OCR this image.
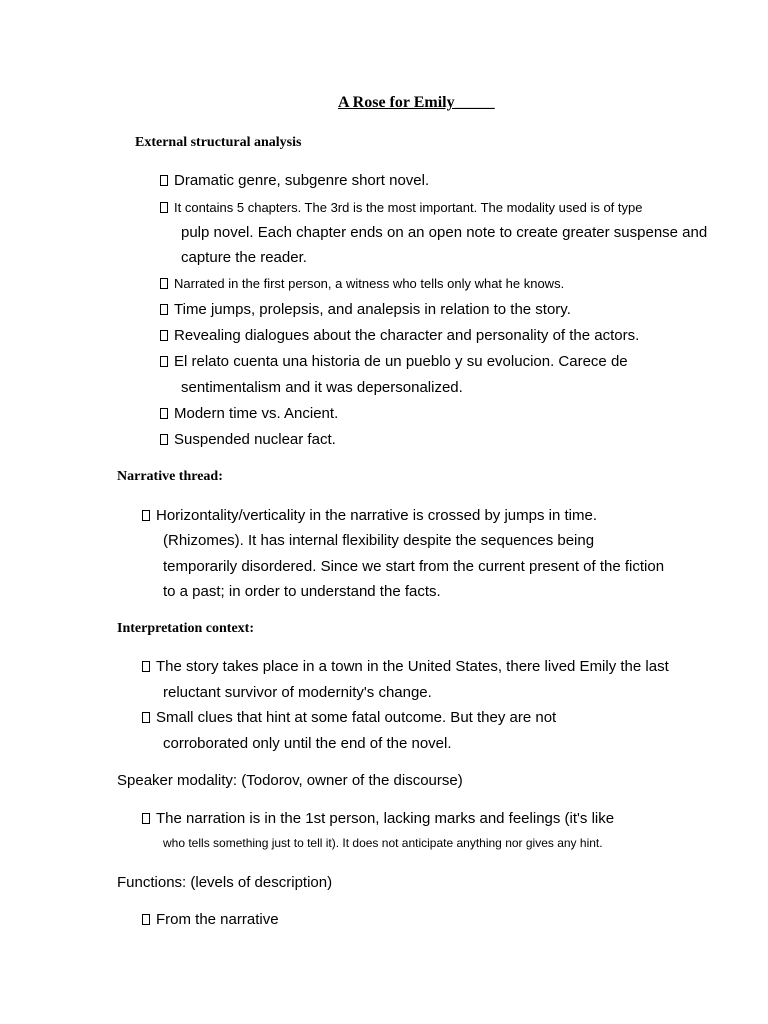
A Rose for Emily_____
External structural analysis
Dramatic genre, subgenre short novel.
It contains 5 chapters. The 3rd is the most important. The modality used is of type
pulp novel. Each chapter ends on an open note to create greater suspense and
capture the reader.
Narrated in the first person, a witness who tells only what he knows.
Time jumps, prolepsis, and analepsis in relation to the story.
Revealing dialogues about the character and personality of the actors.
El relato cuenta una historia de un pueblo y su evolucion. Carece de
sentimentalism and it was depersonalized.
Modern time vs. Ancient.
Suspended nuclear fact.
Narrative thread:
Horizontality/verticality in the narrative is crossed by jumps in time.
(Rhizomes). It has internal flexibility despite the sequences being
temporarily disordered. Since we start from the current present of the fiction
to a past; in order to understand the facts.
Interpretation context:
The story takes place in a town in the United States, there lived Emily the last
reluctant survivor of modernity's change.
Small clues that hint at some fatal outcome. But they are not
corroborated only until the end of the novel.
Speaker modality: (Todorov, owner of the discourse)
The narration is in the 1st person, lacking marks and feelings (it's like
who tells something just to tell it). It does not anticipate anything nor gives any hint.
Functions: (levels of description)
From the narrative
